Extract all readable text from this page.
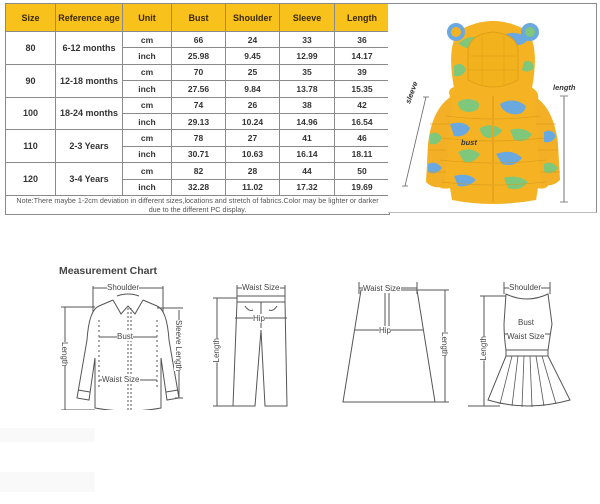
Size	Reference age	Unit	Bust	Shoulder	Sleeve	Length
80	6-12 months	cm	66	24	33	36
		inch	25.98	9.45	12.99	14.17
90	12-18 months	cm	70	25	35	39
		inch	27.56	9.84	13.78	15.35
100	18-24 months	cm	74	26	38	42
		inch	29.13	10.24	14.96	16.54
110	2-3 Years	cm	78	27	41	46
		inch	30.71	10.63	16.14	18.11
120	3-4 Years	cm	82	28	44	50
		inch	32.28	11.02	17.32	19.69
Note:There maybe 1-2cm deviation in different sizes,locations and stretch of fabrics.Color may be lighter or darker due to the different PC display.						
sleeve	length
bust
Measurement Chart
Shoulder
Bust
Waist Size
Length	Sleeve Length
Waist Size
Hip
Length
Waist Size
Hip
Length
Shoulder
Bust
Waist Size
Length
